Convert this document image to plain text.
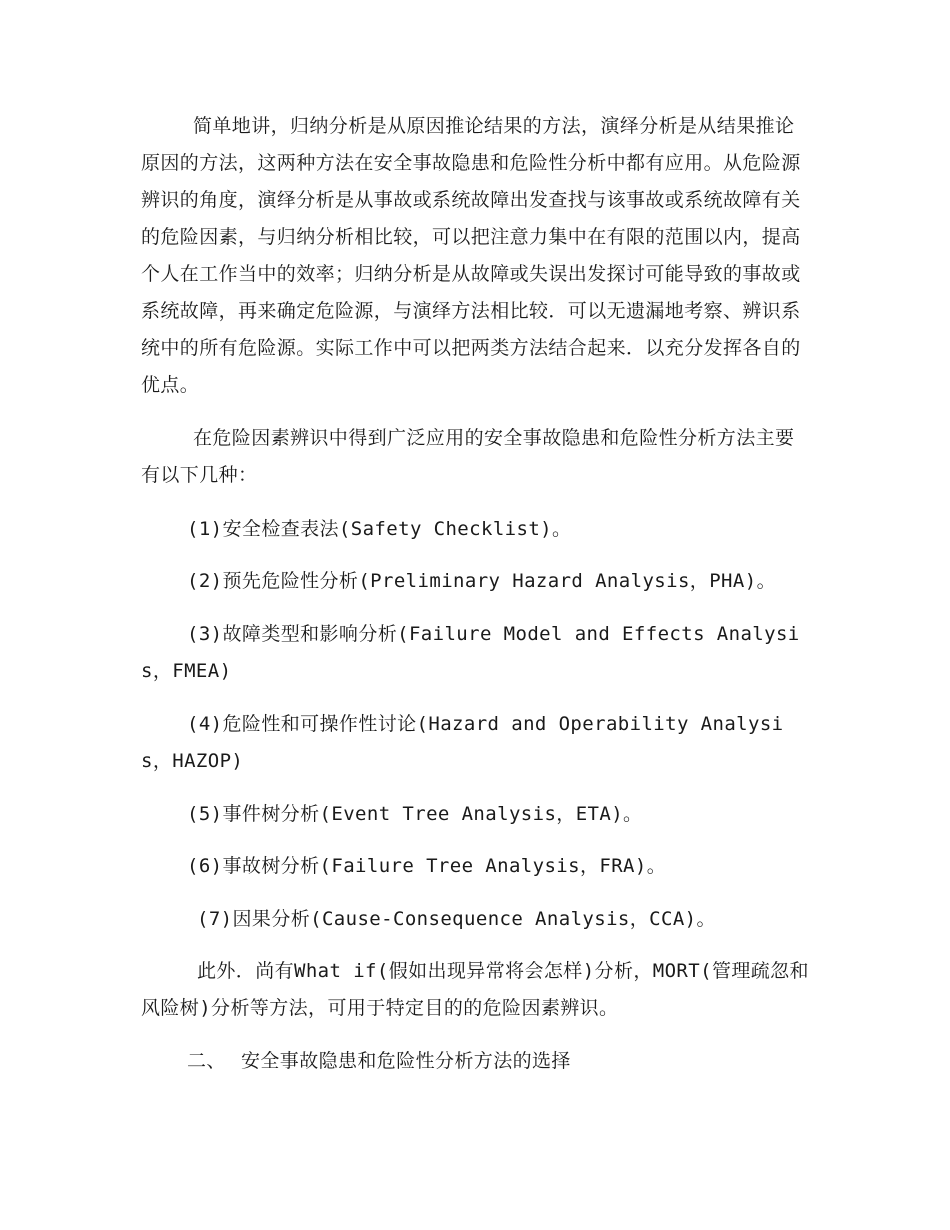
简单地讲，归纳分析是从原因推论结果的方法，演绎分析是从结果推论原因的方法，这两种方法在安全事故隐患和危险性分析中都有应用。从危险源辨识的角度，演绎分析是从事故或系统故障出发查找与该事故或系统故障有关的危险因素，与归纳分析相比较，可以把注意力集中在有限的范围以内，提高个人在工作当中的效率；归纳分析是从故障或失误出发探讨可能导致的事故或系统故障，再来确定危险源，与演绎方法相比较．可以无遗漏地考察、辨识系统中的所有危险源。实际工作中可以把两类方法结合起来．以充分发挥各自的优点。

在危险因素辨识中得到广泛应用的安全事故隐患和危险性分析方法主要有以下几种：

(1)安全检查表法(Safety Checklist)。

(2)预先危险性分析(Preliminary Hazard Analysis，PHA)。

(3)故障类型和影响分析(Failure Model and Effects Analysis，FMEA)

(4)危险性和可操作性讨论(Hazard and Operability Analysis，HAZOP)

(5)事件树分析(Event Tree Analysis，ETA)。

(6)事故树分析(Failure Tree Analysis，FRA)。

(7)因果分析(Cause-Consequence Analysis，CCA)。

此外．尚有What if(假如出现异常将会怎样)分析，MORT(管理疏忽和风险树)分析等方法，可用于特定目的的危险因素辨识。

二、 安全事故隐患和危险性分析方法的选择
